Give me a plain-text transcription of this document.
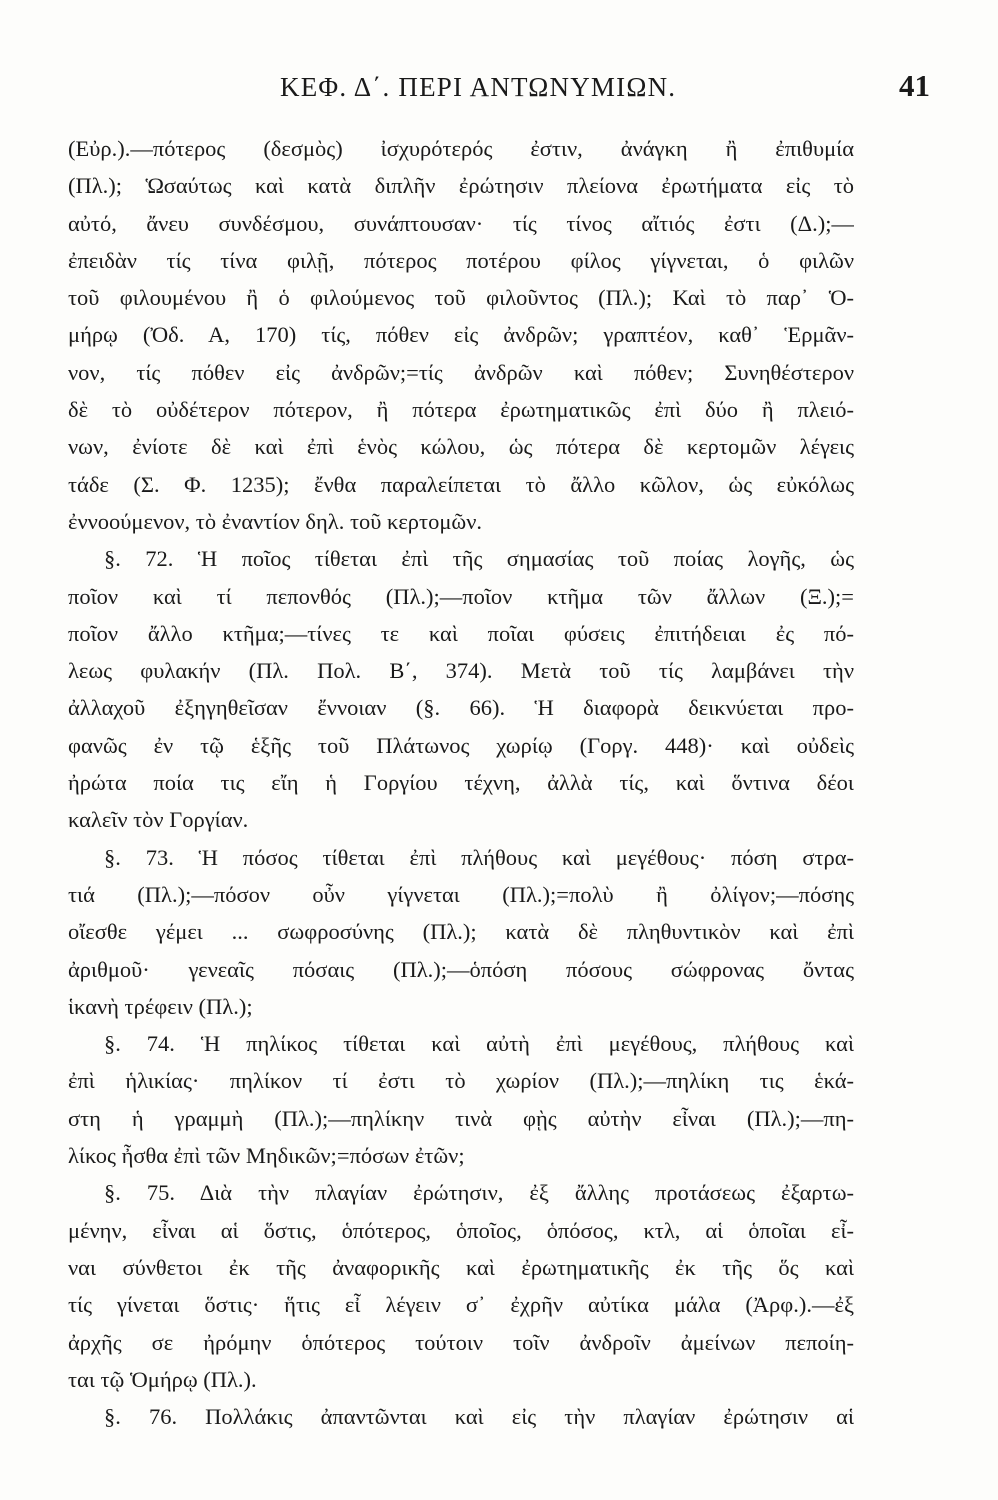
ΚΕΦ. Δ΄. ΠΕΡΙ ΑΝΤΩΝΥΜΙΩΝ.	41
(Εὐρ.).—πότερος (δεσμὸς) ἰσχυρότερός ἐστιν, ἀνάγκη ἢ ἐπιθυμία
(Πλ.); Ὡσαύτως καὶ κατὰ διπλῆν ἐρώτησιν πλείονα ἐρωτήματα εἰς τὸ
αὐτό, ἄνευ συνδέσμου, συνάπτουσαν· τίς τίνος αἴτιός ἐστι (Δ.);—
ἐπειδὰν τίς τίνα φιλῇ, πότερος ποτέρου φίλος γίγνεται, ὁ φιλῶν
τοῦ φιλουμένου ἢ ὁ φιλούμενος τοῦ φιλοῦντος (Πλ.); Καὶ τὸ παρ᾿ Ὁ-
μήρῳ (Ὀδ. Α, 170) τίς, πόθεν εἰς ἀνδρῶν; γραπτέον, καθ᾿ Ἑρμᾶν-
νον, τίς πόθεν εἰς ἀνδρῶν;=τίς ἀνδρῶν καὶ πόθεν; Συνηθέστερον
δὲ τὸ οὐδέτερον πότερον, ἢ πότερα ἐρωτηματικῶς ἐπὶ δύο ἢ πλειό-
νων, ἐνίοτε δὲ καὶ ἐπὶ ἑνὸς κώλου, ὡς πότερα δὲ κερτομῶν λέγεις
τάδε (Σ. Φ. 1235); ἔνθα παραλείπεται τὸ ἄλλο κῶλον, ὡς εὐκόλως
ἐννοούμενον, τὸ ἐναντίον δηλ. τοῦ κερτομῶν.
§. 72. Ἡ ποῖος τίθεται ἐπὶ τῆς σημασίας τοῦ ποίας λογῆς, ὡς
ποῖον καὶ τί πεπονθός (Πλ.);—ποῖον κτῆμα τῶν ἄλλων (Ξ.);=
ποῖον ἄλλο κτῆμα;—τίνες τε καὶ ποῖαι φύσεις ἐπιτήδειαι ἐς πό-
λεως φυλακήν (Πλ. Πολ. Β΄, 374). Μετὰ τοῦ τίς λαμβάνει τὴν
ἀλλαχοῦ ἐξηγηθεῖσαν ἔννοιαν (§. 66). Ἡ διαφορὰ δεικνύεται προ-
φανῶς ἐν τῷ ἑξῆς τοῦ Πλάτωνος χωρίῳ (Γοργ. 448)· καὶ οὐδεὶς
ἠρώτα ποία τις εἴη ἡ Γοργίου τέχνη, ἀλλὰ τίς, καὶ ὅντινα δέοι
καλεῖν τὸν Γοργίαν.
§. 73. Ἡ πόσος τίθεται ἐπὶ πλήθους καὶ μεγέθους· πόση στρα-
τιά (Πλ.);—πόσον οὖν γίγνεται (Πλ.);=πολὺ ἢ ὀλίγον;—πόσης
οἴεσθε γέμει ... σωφροσύνης (Πλ.); κατὰ δὲ πληθυντικὸν καὶ ἐπὶ
ἀριθμοῦ· γενεαῖς πόσαις (Πλ.);—ὁπόση πόσους σώφρονας ὄντας
ἱκανὴ τρέφειν (Πλ.);
§. 74. Ἡ πηλίκος τίθεται καὶ αὐτὴ ἐπὶ μεγέθους, πλήθους καὶ
ἐπὶ ἡλικίας· πηλίκον τί ἐστι τὸ χωρίον (Πλ.);—πηλίκη τις ἑκά-
στη ἡ γραμμὴ (Πλ.);—πηλίκην τινὰ φῂς αὐτὴν εἶναι (Πλ.);—πη-
λίκος ἦσθα ἐπὶ τῶν Μηδικῶν;=πόσων ἐτῶν;
§. 75. Διὰ τὴν πλαγίαν ἐρώτησιν, ἐξ ἄλλης προτάσεως ἐξαρτω-
μένην, εἶναι αἱ ὅστις, ὁπότερος, ὁποῖος, ὁπόσος, κτλ, αἱ ὁποῖαι εἶ-
ναι σύνθετοι ἐκ τῆς ἀναφορικῆς καὶ ἐρωτηματικῆς ἐκ τῆς ὅς καὶ
τίς γίνεται ὅστις· ἥτις εἶ λέγειν σ᾿ ἐχρῆν αὐτίκα μάλα (Ἀρφ.).—ἐξ
ἀρχῆς σε ἠρόμην ὁπότερος τούτοιν τοῖν ἀνδροῖν ἀμείνων πεποίη-
ται τῷ Ὁμήρῳ (Πλ.).
§. 76. Πολλάκις ἀπαντῶνται καὶ εἰς τὴν πλαγίαν ἐρώτησιν αἱ
